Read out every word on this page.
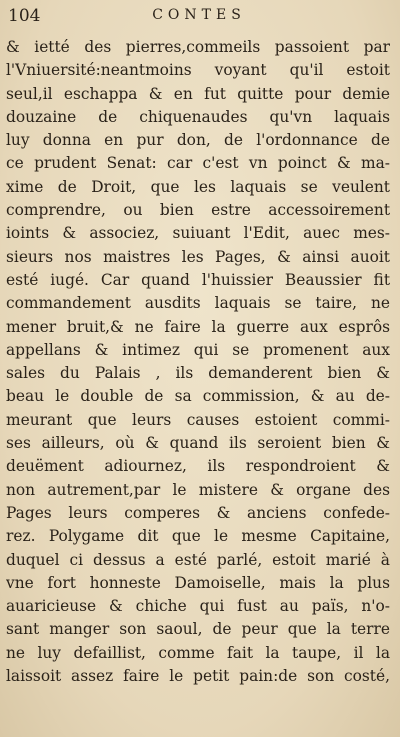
104	CONTES
& ietté des pierres,commeils passoient par
l'Vniuersité:neantmoins voyant qu'il estoit
seul,il eschappa & en fut quitte pour demie
douzaine de chiquenaudes qu'vn laquais
luy donna en pur don, de l'ordonnance de
ce prudent Senat: car c'est vn poinct & ma-
xime de Droit, que les laquais se veulent
comprendre, ou bien estre accessoirement
ioints & associez, suiuant l'Edit, auec mes-
sieurs nos maistres les Pages, & ainsi auoit
esté iugé. Car quand l'huissier Beaussier fit
commandement ausdits laquais se taire, ne
mener bruit,& ne faire la guerre aux esprôs
appellans & intimez qui se promenent aux
sales du Palais , ils demanderent bien &
beau le double de sa commission, & au de-
meurant que leurs causes estoient commi-
ses ailleurs, où & quand ils seroient bien &
deuëment adiournez, ils respondroient &
non autrement,par le mistere & organe des
Pages leurs comperes & anciens confede-
rez. Polygame dit que le mesme Capitaine,
duquel ci dessus a esté parlé, estoit marié à
vne fort honneste Damoiselle, mais la plus
auaricieuse & chiche qui fust au païs, n'o-
sant manger son saoul, de peur que la terre
ne luy defaillist, comme fait la taupe, il la
laissoit assez faire le petit pain:de son costé,
